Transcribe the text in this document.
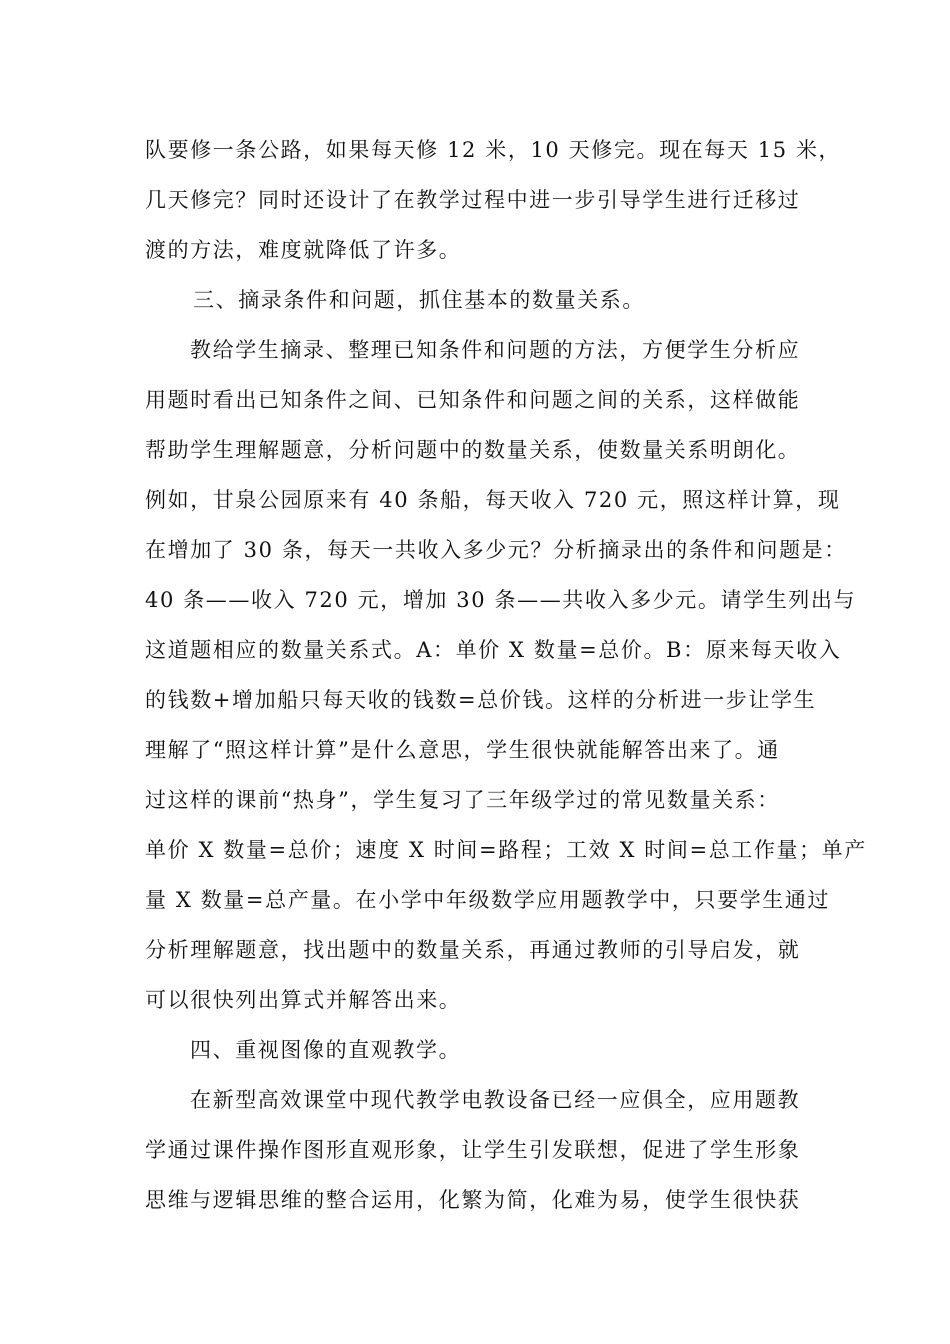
队要修一条公路，如果每天修 12 米，10 天修完。现在每天 15 米，
几天修完？同时还设计了在教学过程中进一步引导学生进行迁移过
渡的方法，难度就降低了许多。
三、摘录条件和问题，抓住基本的数量关系。
教给学生摘录、整理已知条件和问题的方法，方便学生分析应
用题时看出已知条件之间、已知条件和问题之间的关系，这样做能
帮助学生理解题意，分析问题中的数量关系，使数量关系明朗化。
例如，甘泉公园原来有 40 条船，每天收入 720 元，照这样计算，现
在增加了 30 条，每天一共收入多少元？分析摘录出的条件和问题是：
40 条——收入 720 元，增加 30 条——共收入多少元。请学生列出与
这道题相应的数量关系式。A：单价 X 数量=总价。B：原来每天收入
的钱数+增加船只每天收的钱数=总价钱。这样的分析进一步让学生
理解了“照这样计算”是什么意思，学生很快就能解答出来了。通
过这样的课前“热身”，学生复习了三年级学过的常见数量关系：
单价 X 数量=总价；速度 X 时间=路程；工效 X 时间=总工作量；单产
量 X 数量=总产量。在小学中年级数学应用题教学中，只要学生通过
分析理解题意，找出题中的数量关系，再通过教师的引导启发，就
可以很快列出算式并解答出来。
四、重视图像的直观教学。
在新型高效课堂中现代教学电教设备已经一应俱全，应用题教
学通过课件操作图形直观形象，让学生引发联想，促进了学生形象
思维与逻辑思维的整合运用，化繁为简，化难为易，使学生很快获
